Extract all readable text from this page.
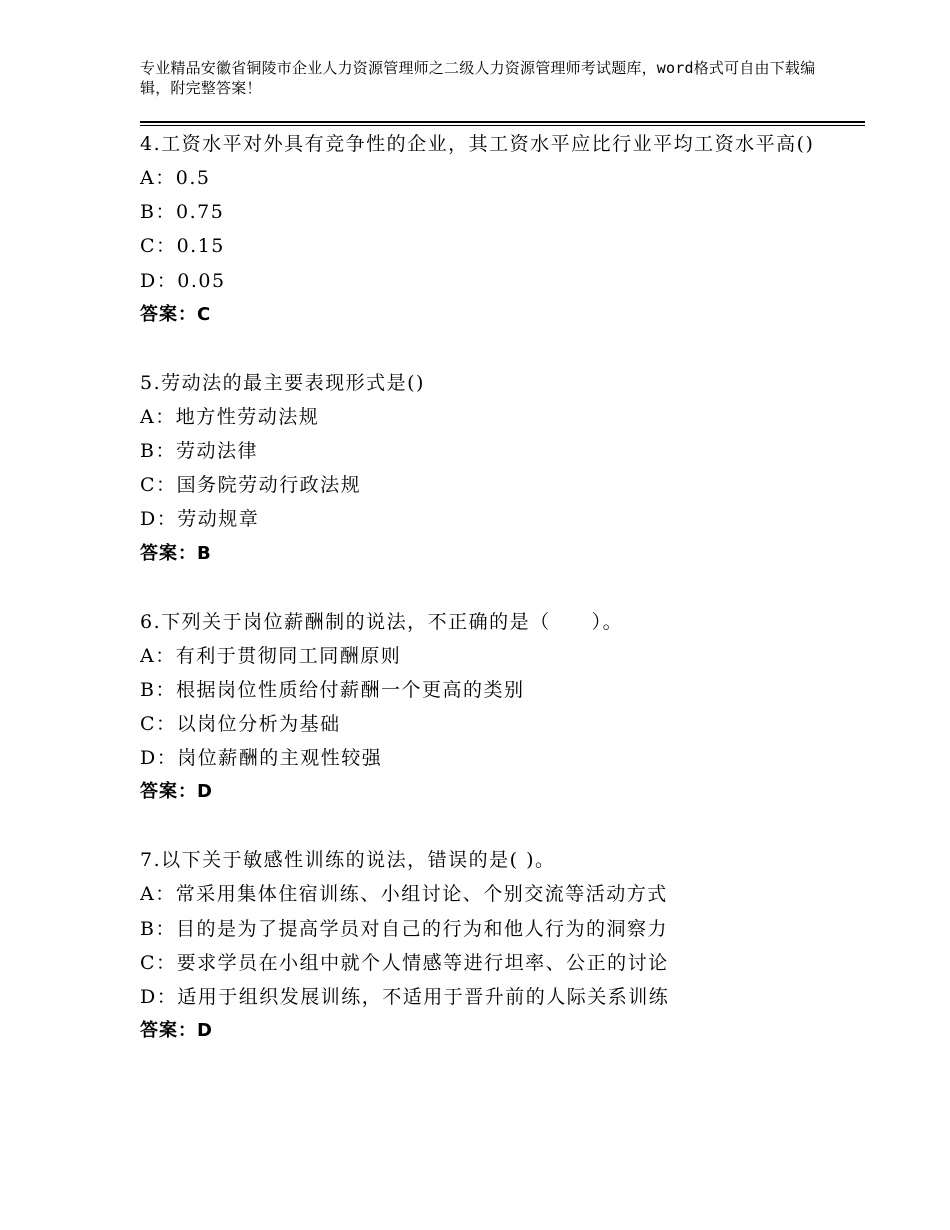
专业精品安徽省铜陵市企业人力资源管理师之二级人力资源管理师考试题库，word格式可自由下载编辑，附完整答案！
4.工资水平对外具有竞争性的企业，其工资水平应比行业平均工资水平高()
A：0.5
B：0.75
C：0.15
D：0.05
答案：C
5.劳动法的最主要表现形式是()
A：地方性劳动法规
B：劳动法律
C：国务院劳动行政法规
D：劳动规章
答案：B
6.下列关于岗位薪酬制的说法，不正确的是（　　）。
A：有利于贯彻同工同酬原则
B：根据岗位性质给付薪酬一个更高的类别
C：以岗位分析为基础
D：岗位薪酬的主观性较强
答案：D
7.以下关于敏感性训练的说法，错误的是( )。
A：常采用集体住宿训练、小组讨论、个别交流等活动方式
B：目的是为了提高学员对自己的行为和他人行为的洞察力
C：要求学员在小组中就个人情感等进行坦率、公正的讨论
D：适用于组织发展训练，不适用于晋升前的人际关系训练
答案：D
